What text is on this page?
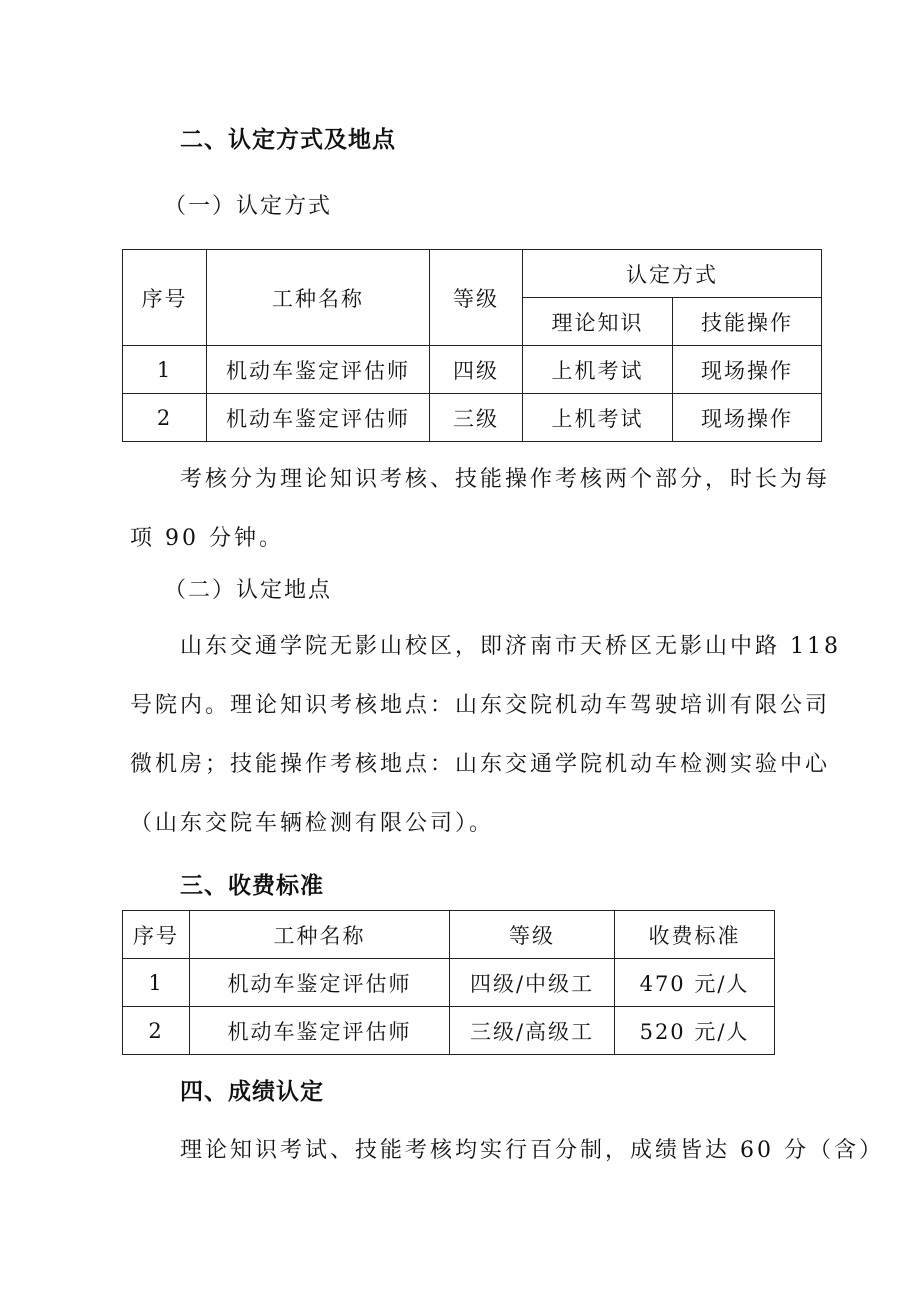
二、认定方式及地点
（一）认定方式
序号	工种名称	等级	认定方式	
			理论知识	技能操作
1	机动车鉴定评估师	四级	上机考试	现场操作
2	机动车鉴定评估师	三级	上机考试	现场操作
考核分为理论知识考核、技能操作考核两个部分，时长为每
项 90 分钟。
（二）认定地点
山东交通学院无影山校区，即济南市天桥区无影山中路 118
号院内。理论知识考核地点：山东交院机动车驾驶培训有限公司
微机房；技能操作考核地点：山东交通学院机动车检测实验中心
（山东交院车辆检测有限公司）。
三、收费标准
序号	工种名称	等级	收费标准
1	机动车鉴定评估师	四级/中级工	470 元/人
2	机动车鉴定评估师	三级/高级工	520 元/人
四、成绩认定
理论知识考试、技能考核均实行百分制，成绩皆达 60 分（含）
